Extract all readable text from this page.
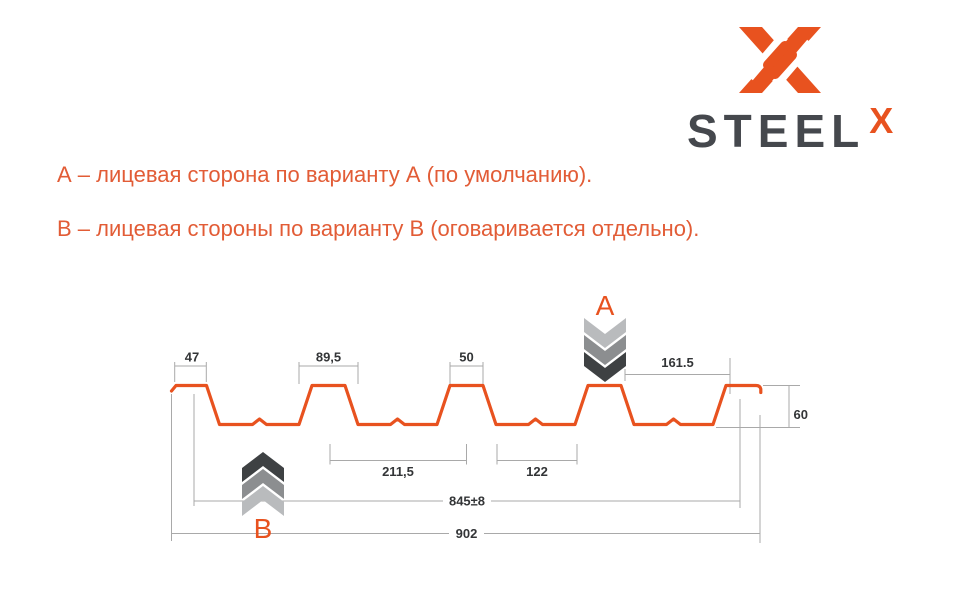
STEEL X

А – лицевая сторона по варианту А (по умолчанию).

В – лицевая стороны по варианту В (оговаривается отдельно).

47	89,5	50	161.5
60
211,5	122
845±8
902
A
B
